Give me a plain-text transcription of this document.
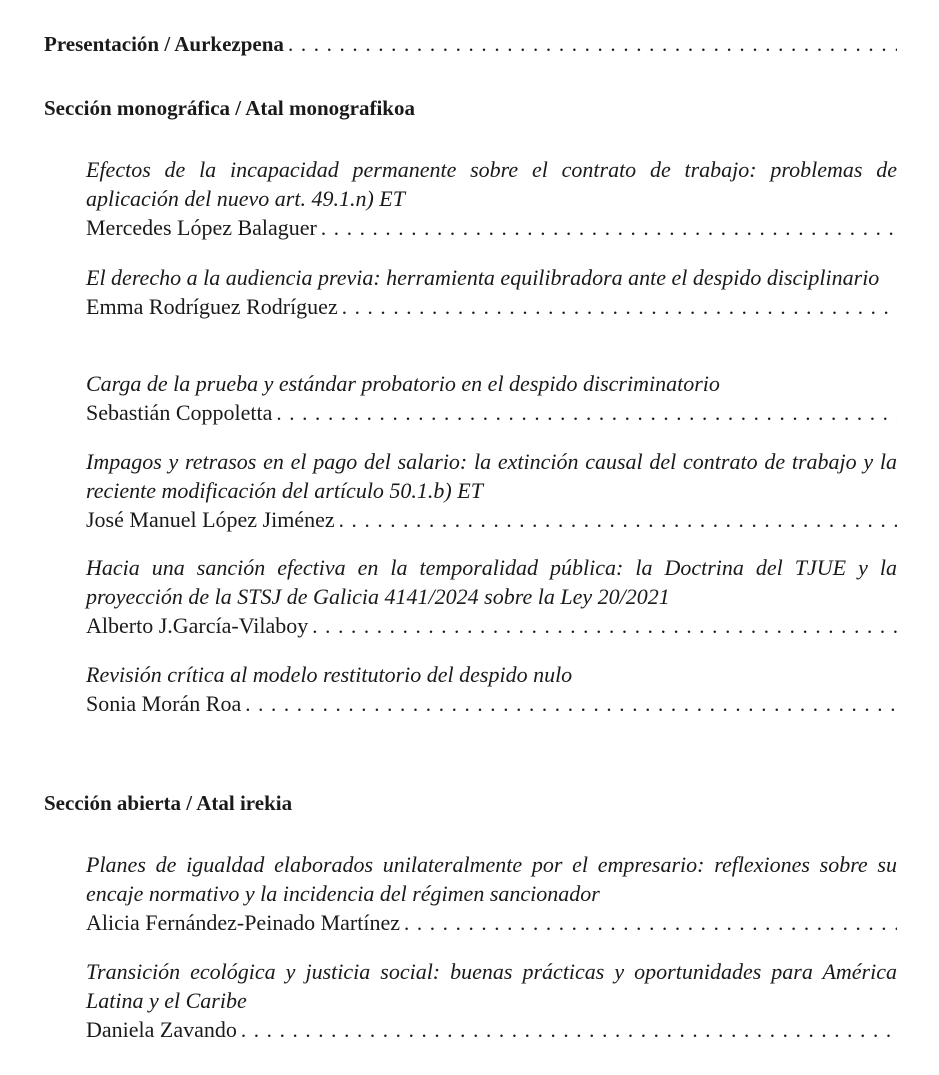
Presentación / Aurkezpena
. . .
Sección monográfica / Atal monografikoa
Efectos de la incapacidad permanente sobre el contrato de trabajo: problemas de aplicación del nuevo art. 49.1.n) ET
Mercedes López Balaguer
. . .
El derecho a la audiencia previa: herramienta equilibradora ante el despido disciplinario
Emma Rodríguez Rodríguez
. . .
Carga de la prueba y estándar probatorio en el despido discriminatorio
Sebastián Coppoletta
. . .
Impagos y retrasos en el pago del salario: la extinción causal del contrato de trabajo y la reciente modificación del artículo 50.1.b) ET
José Manuel López Jiménez
. . .
Hacia una sanción efectiva en la temporalidad pública: la Doctrina del TJUE y la proyección de la STSJ de Galicia 4141/2024 sobre la Ley 20/2021
Alberto J.García-Vilaboy
. . .
Revisión crítica al modelo restitutorio del despido nulo
Sonia Morán Roa
. . .
Sección abierta / Atal irekia
Planes de igualdad elaborados unilateralmente por el empresario: reflexiones sobre su encaje normativo y la incidencia del régimen sancionador
Alicia Fernández-Peinado Martínez
. . .
Transición ecológica y justicia social: buenas prácticas y oportunidades para América Latina y el Caribe
Daniela Zavando
. . .
